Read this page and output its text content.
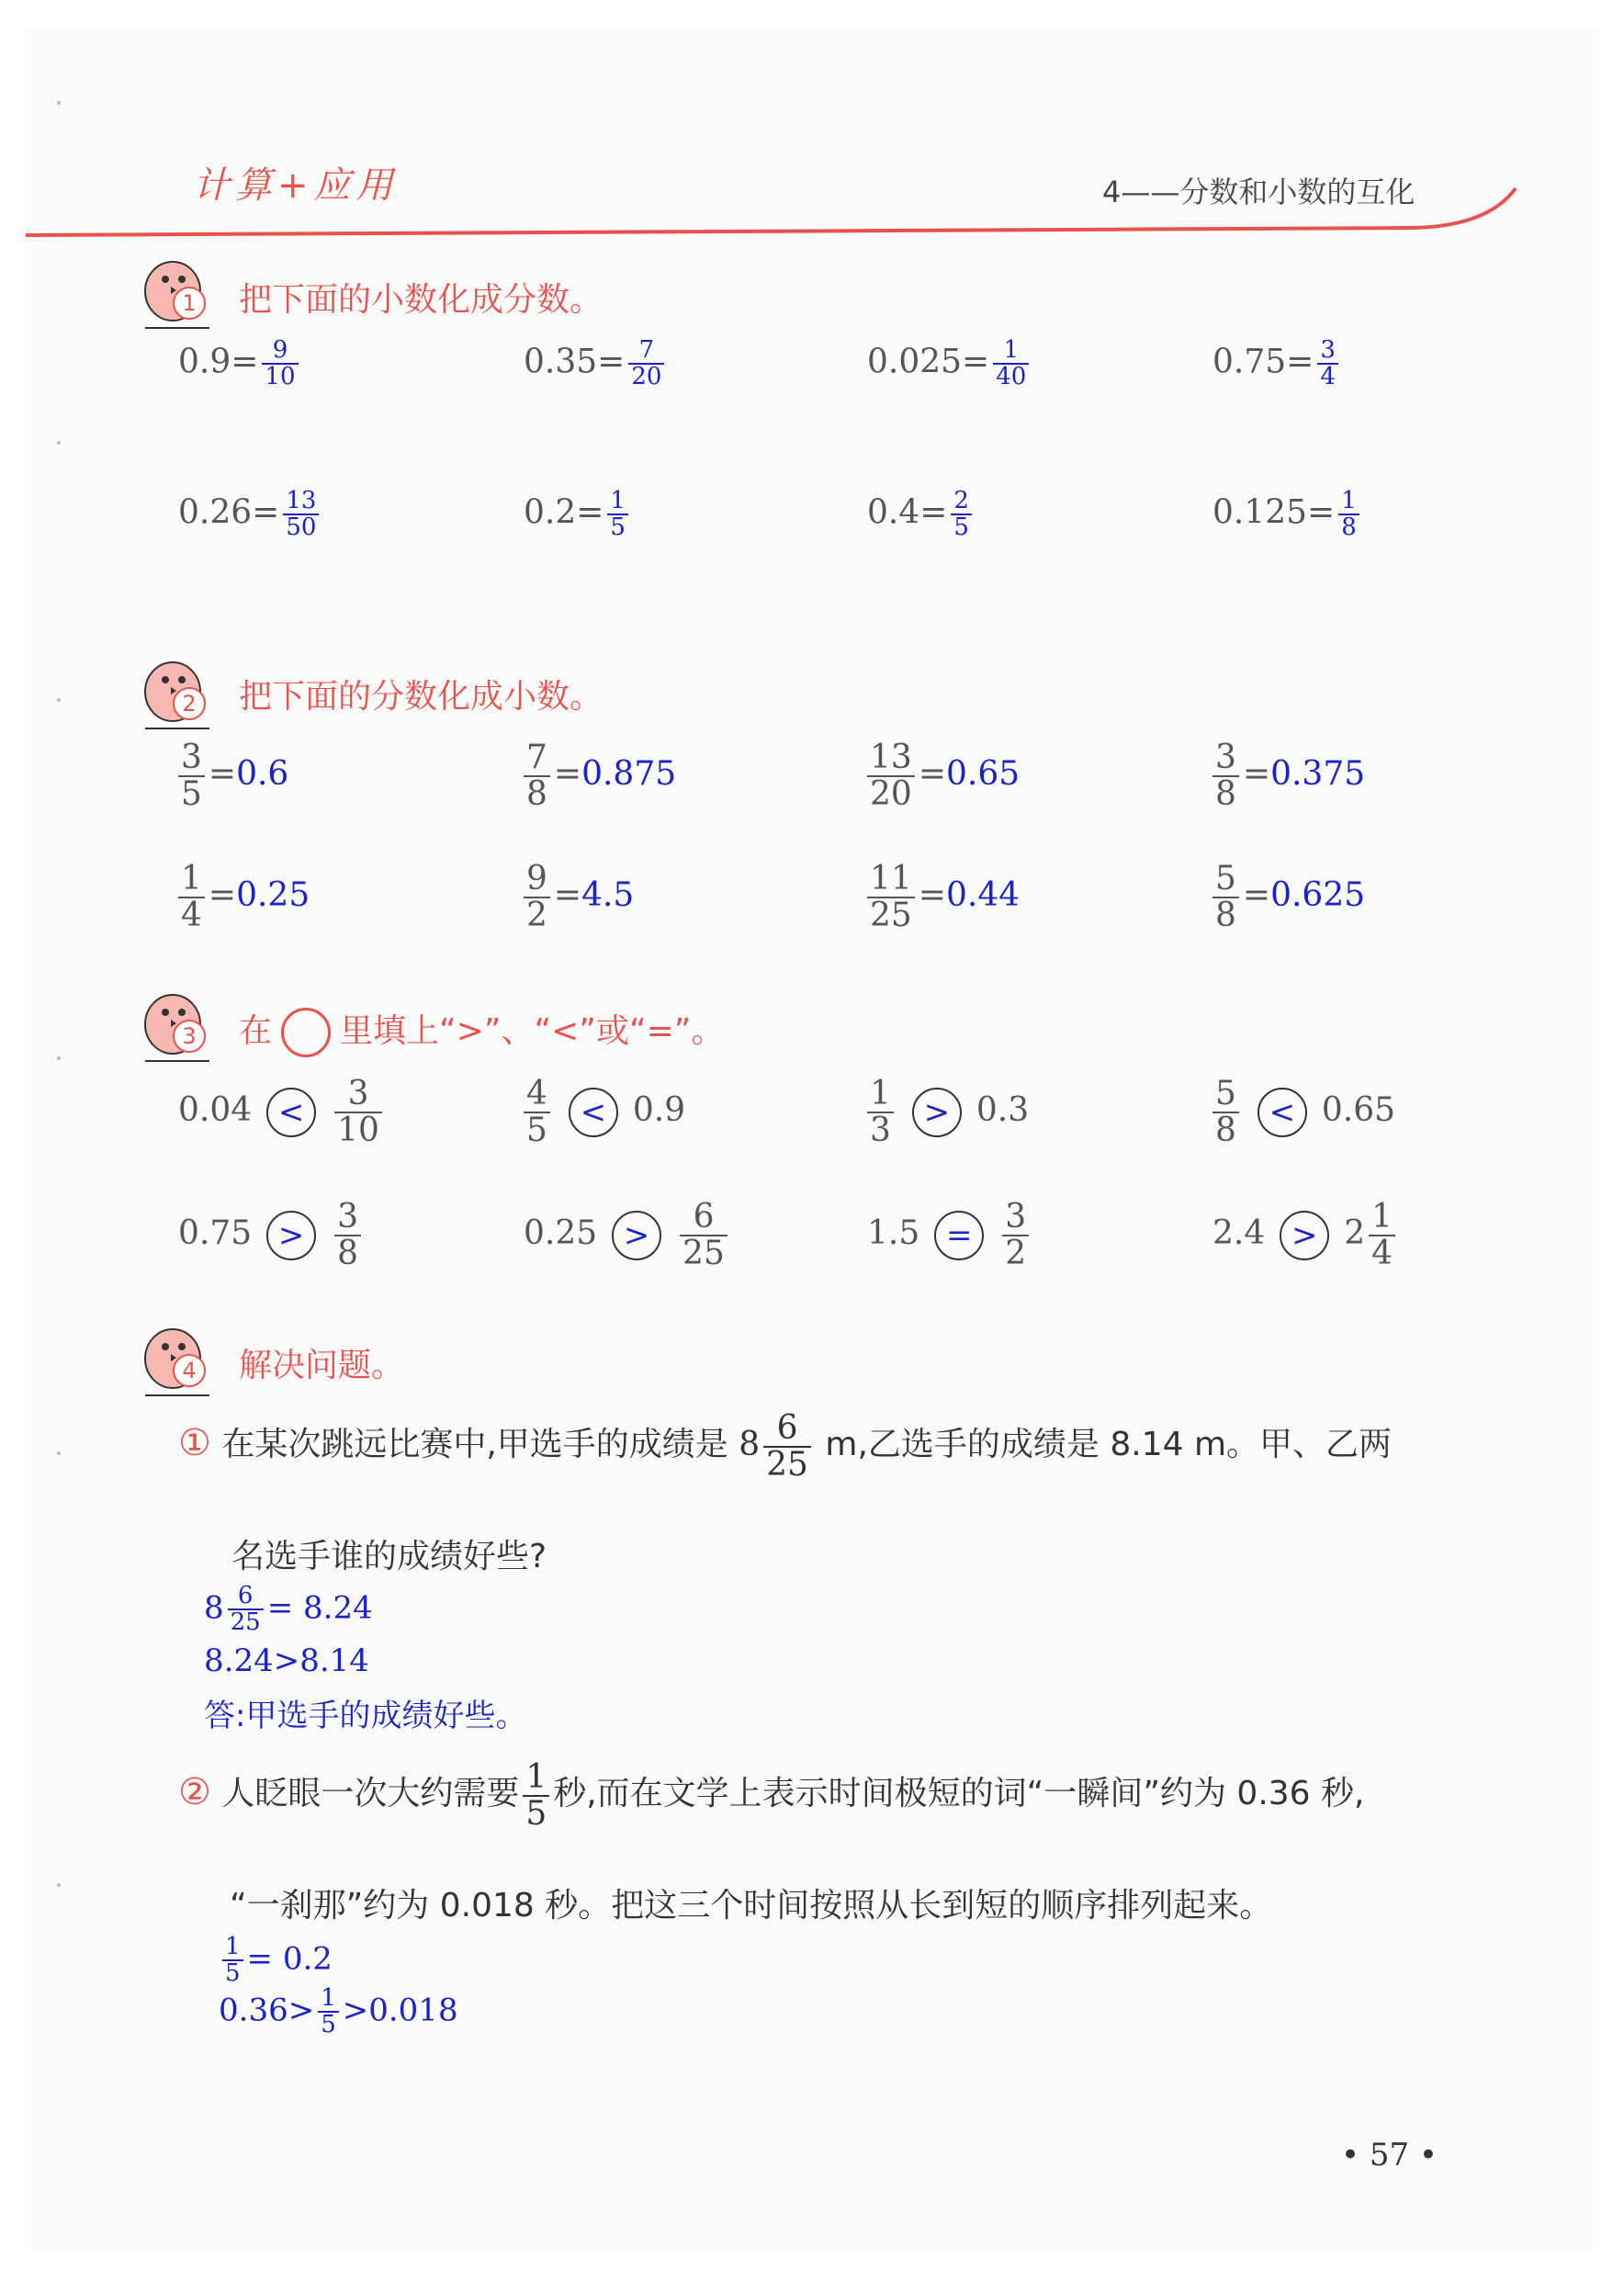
计算+应用	4——分数和小数的互化
1
2
3
4
把下面的小数化成分数。
把下面的分数化成小数。
在 里填上“>”、“<”或“=”。
解决问题。
$0.9= \frac{9}{10}$	$0.35= \frac{7}{20}$	$0.025= \frac{1}{40}$	$0.75= \frac{3}{4}$
$0.26= \frac{13}{50}$	$0.2= \frac{1}{5}$	$0.4= \frac{2}{5}$	$0.125= \frac{1}{8}$
$\frac{3}{5} =0.6$	$\frac{7}{8} =0.875$	$\frac{13}{20} =0.65$	$\frac{3}{8} =0.375$
$\frac{1}{4} =0.25$	$\frac{9}{2} =4.5$	$\frac{11}{25} =0.44$	$\frac{5}{8} =0.625$
$0.04 < \frac{3}{10}$	$\frac{4}{5} < 0.9$	$\frac{1}{3} > 0.3$	$\frac{5}{8} < 0.65$
$0.75 > \frac{3}{8}$	$0.25 > \frac{6}{25}$	$1.5 = \frac{3}{2}$	$2.4 > 2 \frac{1}{4}$
① 在某次跳远比赛中,甲选手的成绩是 $8 \frac{6}{25} m$,乙选手的成绩是 8.14 m。甲、乙两
名选手谁的成绩好些?
$8 \frac{6}{25} = 8.24$
8.24>8.14
答:甲选手的成绩好些。
② 人眨眼一次大约需要 $\frac{1}{5}$ 秒,而在文学上表示时间极短的词“一瞬间”约为 0.36 秒,
“一刹那”约为 0.018 秒。把这三个时间按照从长到短的顺序排列起来。
$\frac{1}{5} = 0.2$
$0.36> \frac{1}{5} >0.018$
• 57 •
